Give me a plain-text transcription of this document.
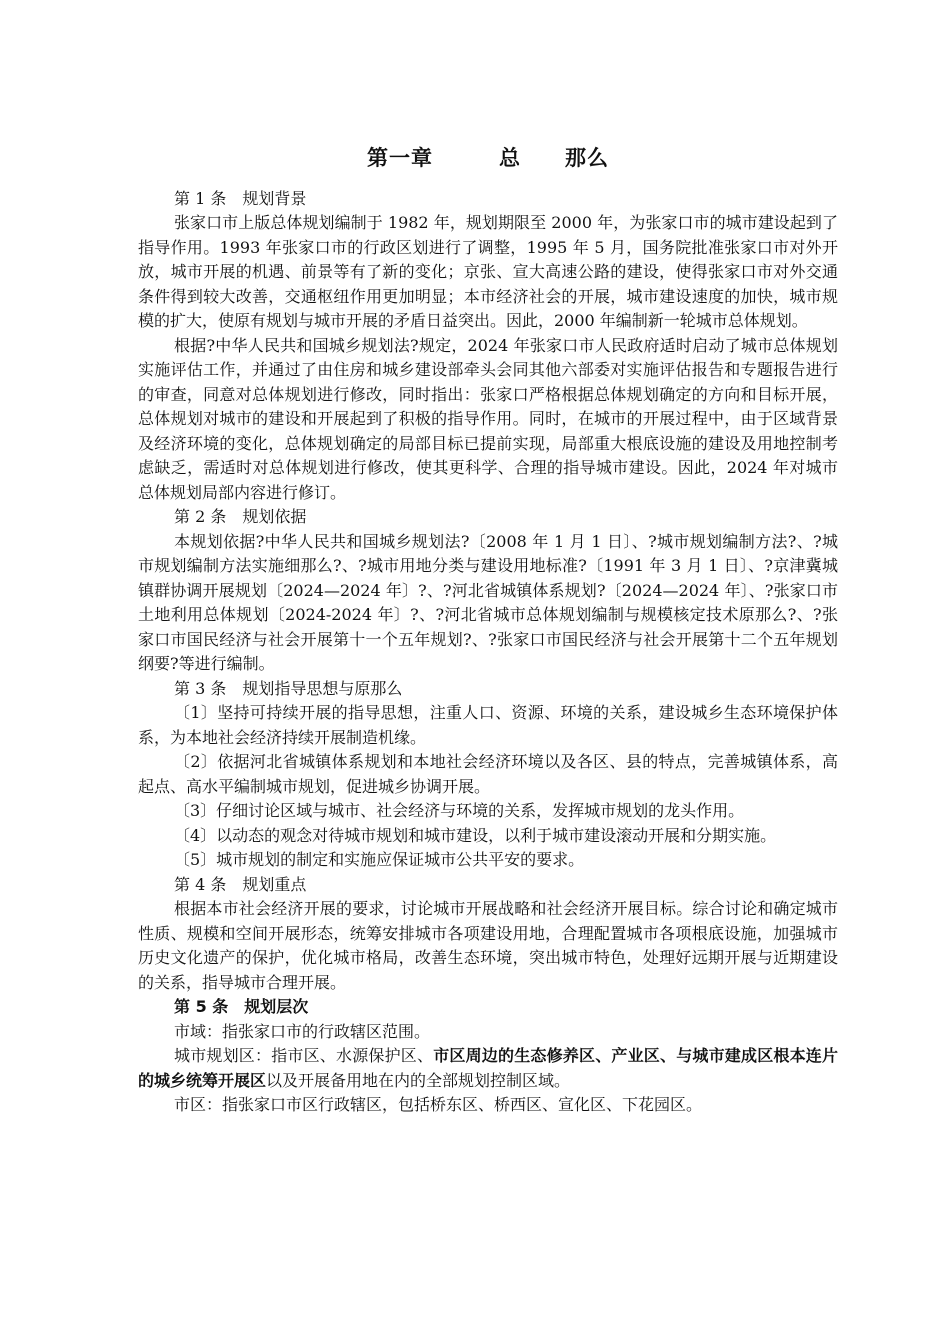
第一章　　　总　　那么

第 1 条　规划背景

张家口市上版总体规划编制于 1982 年，规划期限至 2000 年，为张家口市的城市建设起到了指导作用。1993 年张家口市的行政区划进行了调整，1995 年 5 月，国务院批准张家口市对外开放，城市开展的机遇、前景等有了新的变化；京张、宣大高速公路的建设，使得张家口市对外交通条件得到较大改善，交通枢纽作用更加明显；本市经济社会的开展，城市建设速度的加快，城市规模的扩大，使原有规划与城市开展的矛盾日益突出。因此，2000 年编制新一轮城市总体规划。

根据?中华人民共和国城乡规划法?规定，2024 年张家口市人民政府适时启动了城市总体规划实施评估工作，并通过了由住房和城乡建设部牵头会同其他六部委对实施评估报告和专题报告进行的审查，同意对总体规划进行修改，同时指出：张家口严格根据总体规划确定的方向和目标开展，总体规划对城市的建设和开展起到了积极的指导作用。同时，在城市的开展过程中，由于区域背景及经济环境的变化，总体规划确定的局部目标已提前实现，局部重大根底设施的建设及用地控制考虑缺乏，需适时对总体规划进行修改，使其更科学、合理的指导城市建设。因此，2024 年对城市总体规划局部内容进行修订。

第 2 条　规划依据

本规划依据?中华人民共和国城乡规划法?〔2008 年 1 月 1 日〕、?城市规划编制方法?、?城市规划编制方法实施细那么?、?城市用地分类与建设用地标准?〔1991 年 3 月 1 日〕、?京津冀城镇群协调开展规划〔2024—2024 年〕?、?河北省城镇体系规划?〔2024—2024 年〕、?张家口市土地利用总体规划〔2024-2024 年〕?、?河北省城市总体规划编制与规模核定技术原那么?、?张家口市国民经济与社会开展第十一个五年规划?、?张家口市国民经济与社会开展第十二个五年规划纲要?等进行编制。

第 3 条　规划指导思想与原那么

〔1〕坚持可持续开展的指导思想，注重人口、资源、环境的关系，建设城乡生态环境保护体系，为本地社会经济持续开展制造机缘。

〔2〕依据河北省城镇体系规划和本地社会经济环境以及各区、县的特点，完善城镇体系，高起点、高水平编制城市规划，促进城乡协调开展。

〔3〕仔细讨论区域与城市、社会经济与环境的关系，发挥城市规划的龙头作用。

〔4〕以动态的观念对待城市规划和城市建设，以利于城市建设滚动开展和分期实施。

〔5〕城市规划的制定和实施应保证城市公共平安的要求。

第 4 条　规划重点

根据本市社会经济开展的要求，讨论城市开展战略和社会经济开展目标。综合讨论和确定城市性质、规模和空间开展形态，统筹安排城市各项建设用地，合理配置城市各项根底设施，加强城市历史文化遗产的保护，优化城市格局，改善生态环境，突出城市特色，处理好远期开展与近期建设的关系，指导城市合理开展。

第 5 条　规划层次

市域：指张家口市的行政辖区范围。

城市规划区：指市区、水源保护区、市区周边的生态修养区、产业区、与城市建成区根本连片的城乡统筹开展区以及开展备用地在内的全部规划控制区域。

市区：指张家口市区行政辖区，包括桥东区、桥西区、宣化区、下花园区。
